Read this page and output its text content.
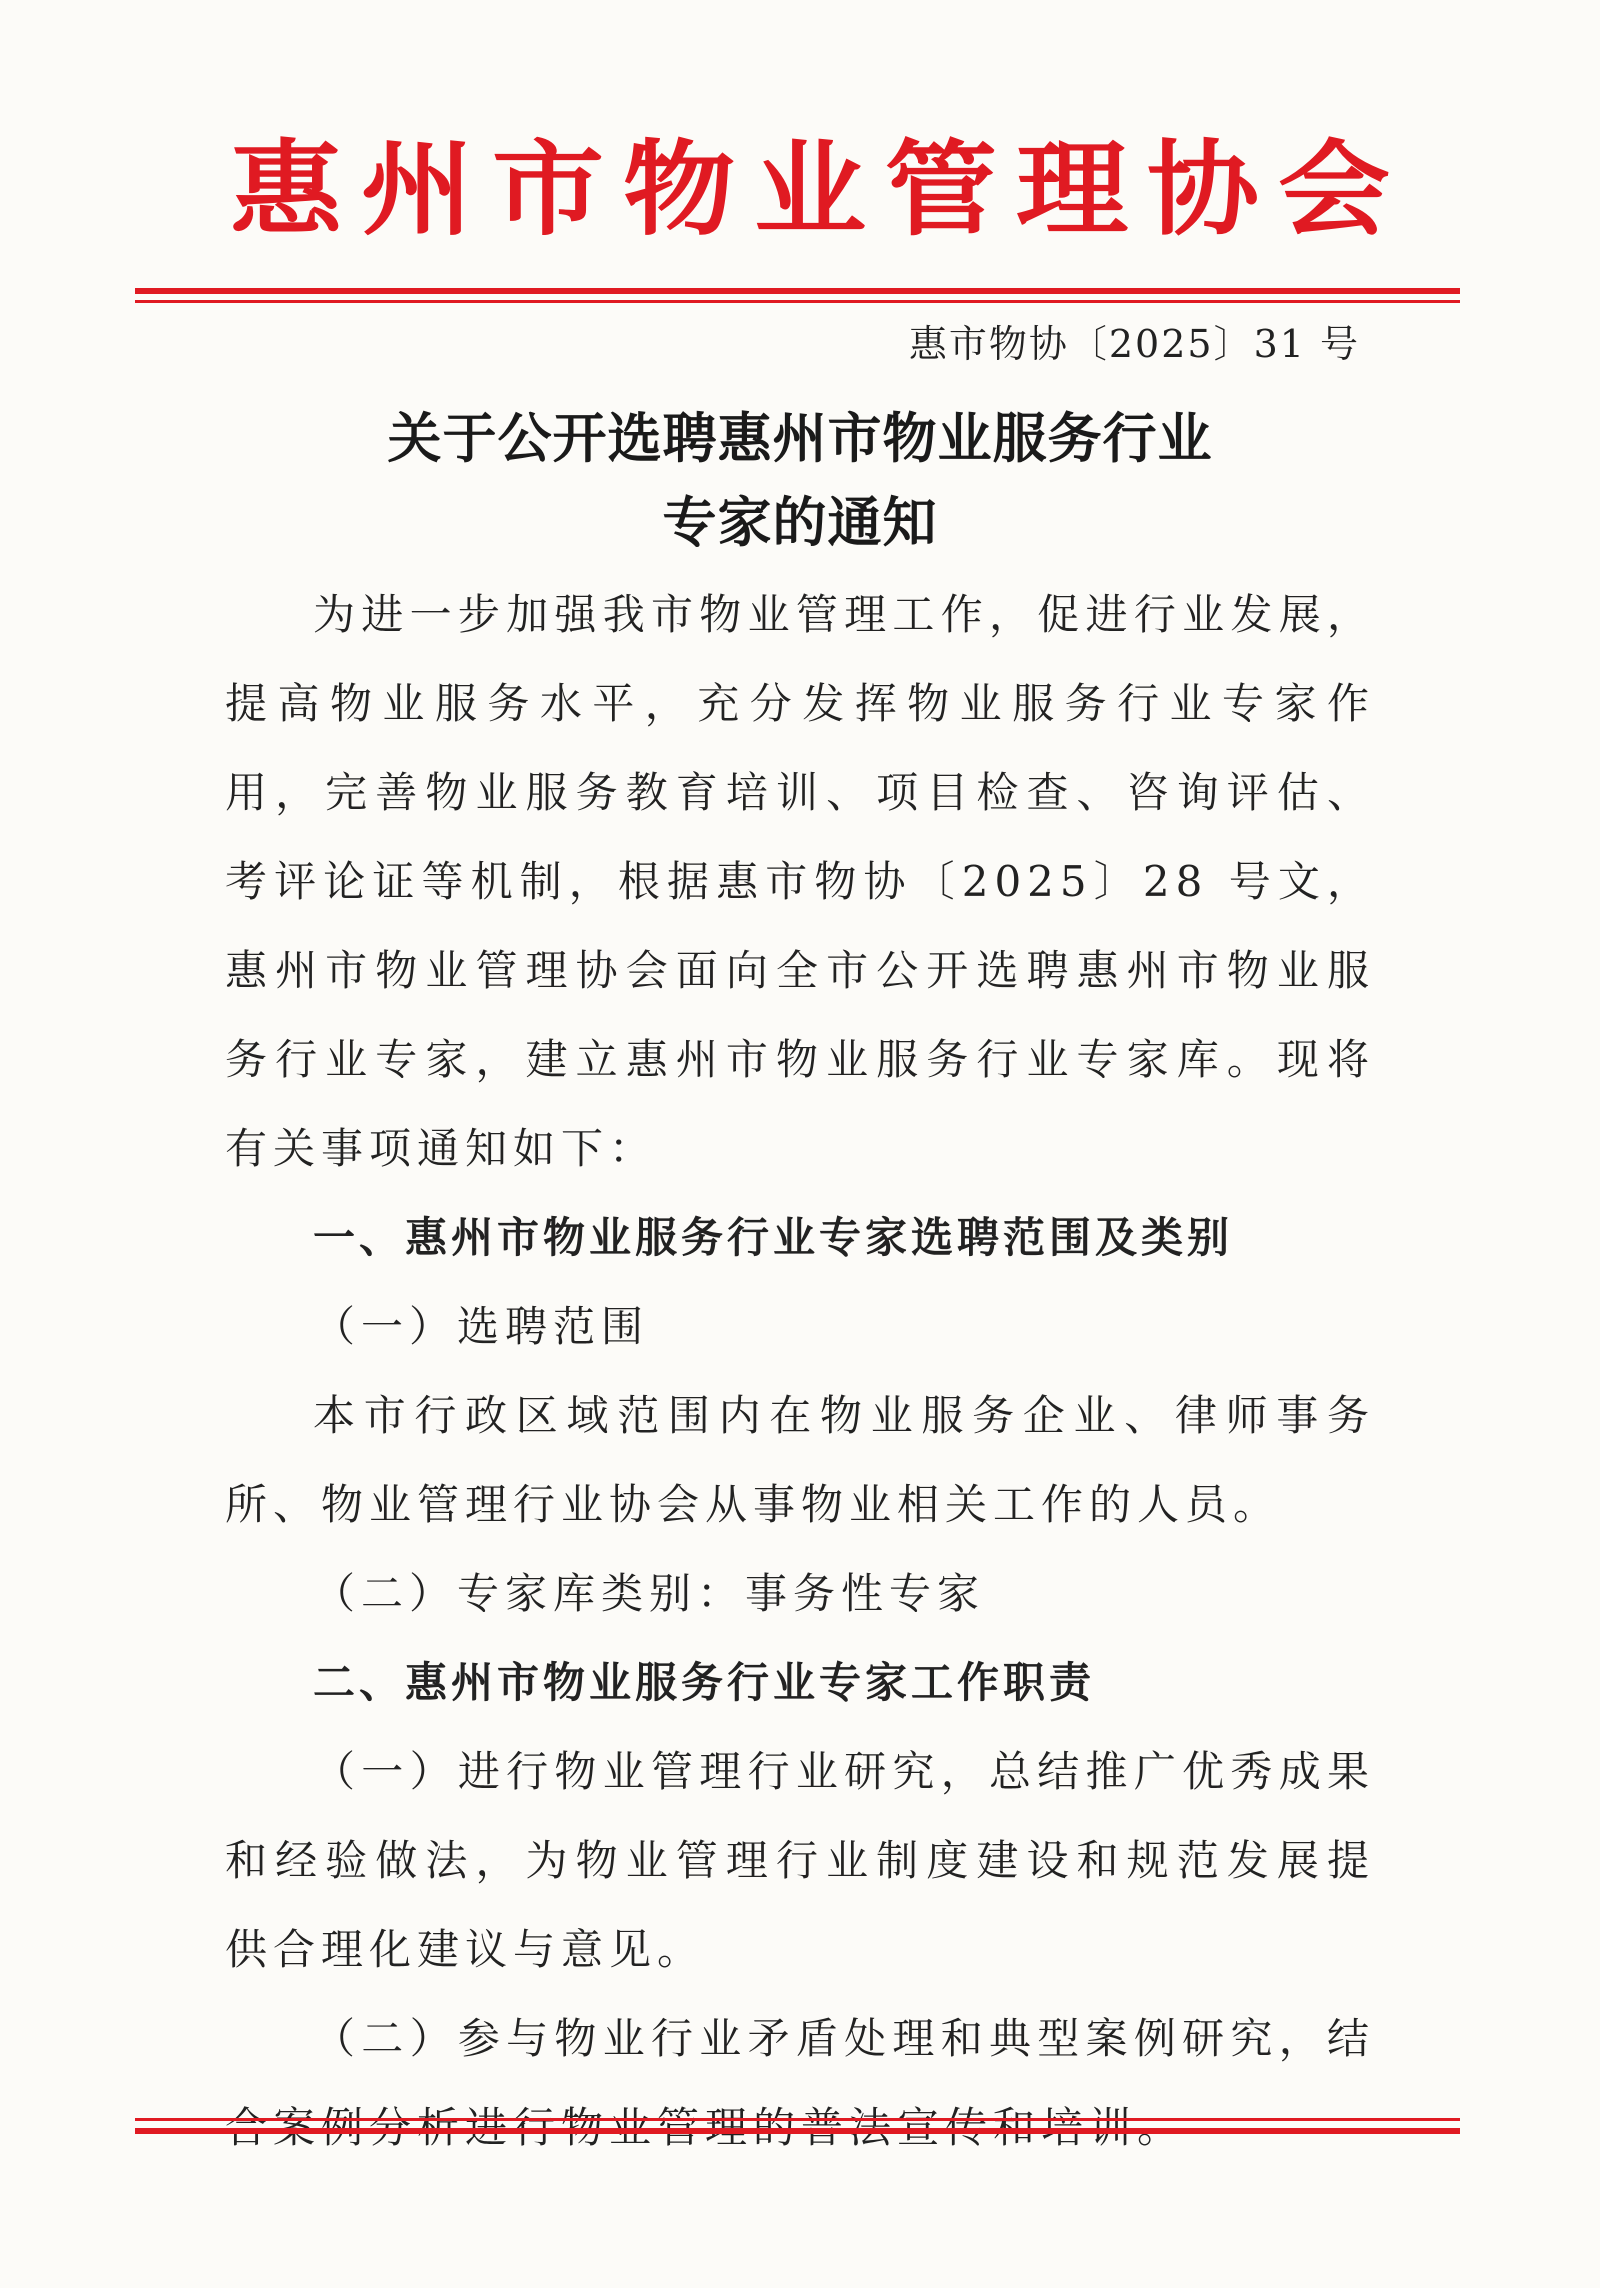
惠 州 市 物 业 管 理 协 会
惠市物协〔2025〕31 号
关于公开选聘惠州市物业服务行业
专家的通知

为进一步加强我市物业管理工作，促进行业发展，提高物业服务水平，充分发挥物业服务行业专家作用，完善物业服务教育培训、项目检查、咨询评估、考评论证等机制，根据惠市物协〔2025〕28 号文，惠州市物业管理协会面向全市公开选聘惠州市物业服务行业专家，建立惠州市物业服务行业专家库。现将有关事项通知如下：

一、惠州市物业服务行业专家选聘范围及类别

（一）选聘范围

本市行政区域范围内在物业服务企业、律师事务所、物业管理行业协会从事物业相关工作的人员。

（二）专家库类别：事务性专家

二、惠州市物业服务行业专家工作职责

（一）进行物业管理行业研究，总结推广优秀成果和经验做法，为物业管理行业制度建设和规范发展提供合理化建议与意见。

（二）参与物业行业矛盾处理和典型案例研究，结
